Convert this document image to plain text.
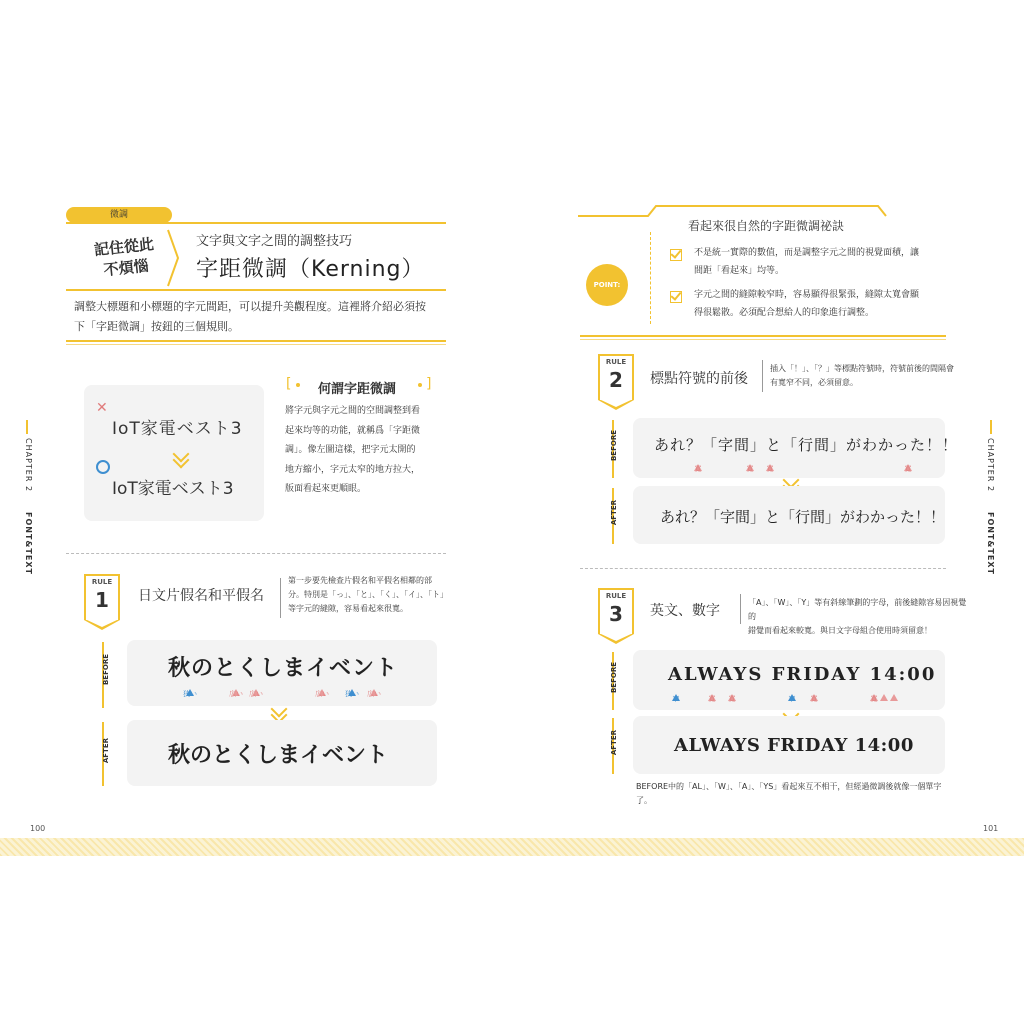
微調
記住從此
不煩惱
文字與文字之間的調整技巧
字距微調（Kerning）
調整大標題和小標題的字元間距，可以提升美觀程度。這裡將介紹必須按
下「字距微調」按鈕的三個規則。
✕
IoT家電ベスト3
IoT家電ベスト3
[ 何謂字距微調 ]
將字元與字元之間的空間調整到看
起來均等的功能，就稱爲「字距微
調」。像左圖這樣，把字元太開的
地方縮小，字元太窄的地方拉大，
版面看起來更順眼。
RULE
1	日文片假名和平假名
第一步要先檢查片假名和平假名相鄰的部
分。特別是「っ」、「と」、「く」、「イ」、「ト」
等字元的縫隙，容易看起來很寬。
BEFORE	秋のとくしまイベント
狭い	広い 広い	広い	狭い	広い
AFTER	秋のとくしまイベント
100
CHAPTER 2
FONT&TEXT
看起來很自然的字距微調祕訣
POINT:
不是統一實際的數值，而是調整字元之間的視覺面積，讓
間距「看起來」均等。
字元之間的縫隙較窄時，容易顯得很緊張，縫隙太寬會顯
得很鬆散。必須配合想給人的印象進行調整。
RULE
2	標點符號的前後
插入「！」、「？」等標點符號時，符號前後的間隔會
有寬窄不同，必須留意。
BEFORE	あれ？「字間」と「行間」がわかった！！
寬	寬	寬	寬
AFTER	あれ？「字間」と「行間」がわかった！！
RULE
3	英文、數字
「A」、「W」、「Y」等有斜線筆劃的字母，前後縫隙容易因視覺的
錯覺而看起來較寬。與日文字母組合使用時須留意！
BEFORE	ALWAYS FRIDAY 14:00
窄	寬	寬	窄	寬	寬
AFTER	ALWAYS FRIDAY 14:00
BEFORE中的「AL」、「W」、「A」、「YS」看起來互不相干，但經過微調後就像一個單字
了。
101
CHAPTER 2
FONT&TEXT
